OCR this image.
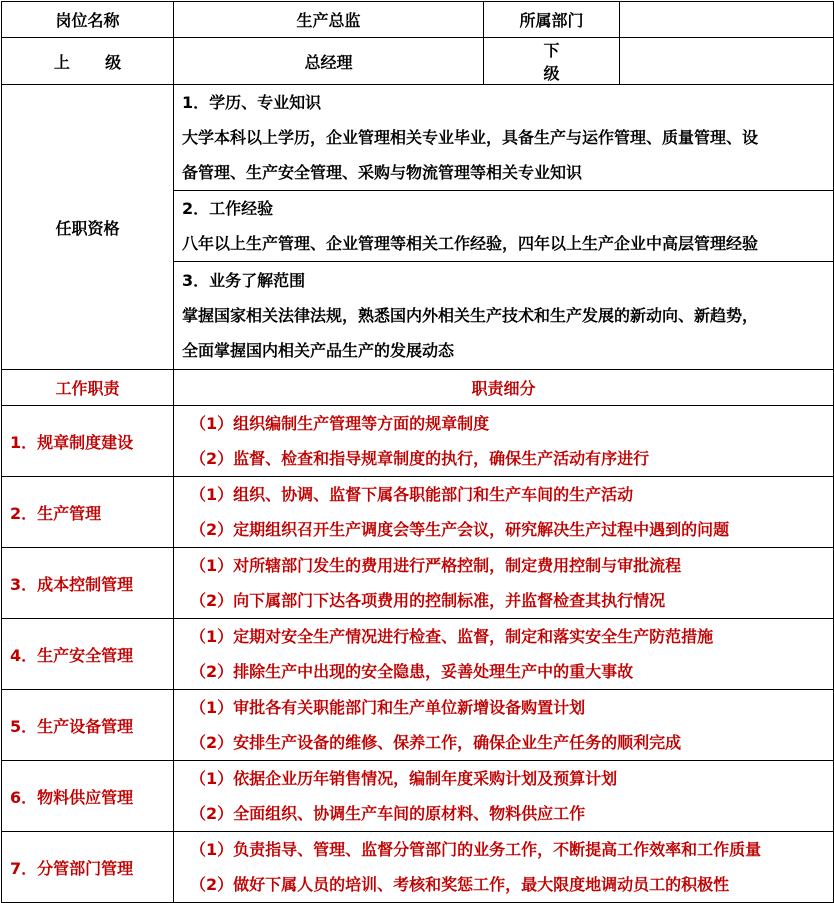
岗位名称	生产总监	所属部门	
上级	总经理	下级	
任职资格	1．学历、专业知识
大学本科以上学历，企业管理相关专业毕业，具备生产与运作管理、质量管理、设
备管理、生产安全管理、采购与物流管理等相关专业知识		

	2．工作经验
八年以上生产管理、企业管理等相关工作经验，四年以上生产企业中高层管理经验		

	3．业务了解范围
掌握国家相关法律法规，熟悉国内外相关生产技术和生产发展的新动向、新趋势，
全面掌握国内相关产品生产的发展动态		

工作职责	职责细分		
1．规章制度建设	（1）组织编制生产管理等方面的规章制度
（2）监督、检查和指导规章制度的执行，确保生产活动有序进行		

2．生产管理	（1）组织、协调、监督下属各职能部门和生产车间的生产活动
（2）定期组织召开生产调度会等生产会议，研究解决生产过程中遇到的问题		

3．成本控制管理	（1）对所辖部门发生的费用进行严格控制，制定费用控制与审批流程
（2）向下属部门下达各项费用的控制标准，并监督检查其执行情况		

4．生产安全管理	（1）定期对安全生产情况进行检查、监督，制定和落实安全生产防范措施
（2）排除生产中出现的安全隐患，妥善处理生产中的重大事故		

5．生产设备管理	（1）审批各有关职能部门和生产单位新增设备购置计划
（2）安排生产设备的维修、保养工作，确保企业生产任务的顺利完成		

6．物料供应管理	（1）依据企业历年销售情况，编制年度采购计划及预算计划
（2）全面组织、协调生产车间的原材料、物料供应工作		

7．分管部门管理	（1）负责指导、管理、监督分管部门的业务工作，不断提高工作效率和工作质量
（2）做好下属人员的培训、考核和奖惩工作，最大限度地调动员工的积极性		
